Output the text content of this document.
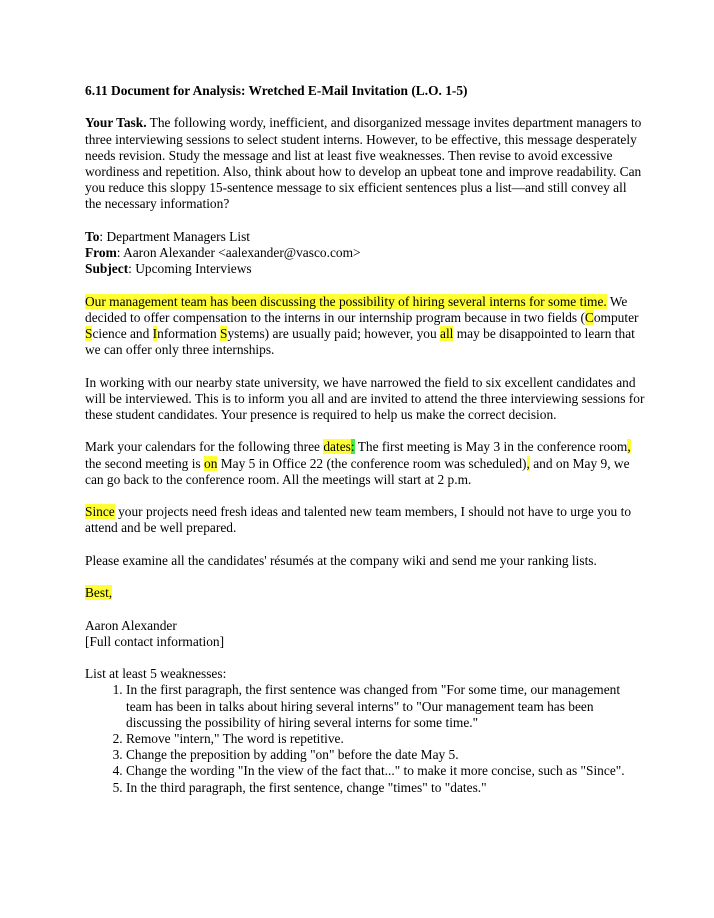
6.11 Document for Analysis: Wretched E-Mail Invitation (L.O. 1-5)

Your Task. The following wordy, inefficient, and disorganized message invites department managers to three interviewing sessions to select student interns. However, to be effective, this message desperately needs revision. Study the message and list at least five weaknesses. Then revise to avoid excessive wordiness and repetition. Also, think about how to develop an upbeat tone and improve readability. Can you reduce this sloppy 15-sentence message to six efficient sentences plus a list—and still convey all the necessary information?

To: Department Managers List

From: Aaron Alexander <aalexander@vasco.com>

Subject: Upcoming Interviews

Our management team has been discussing the possibility of hiring several interns for some time. We decided to offer compensation to the interns in our internship program because in two fields (Computer Science and Information Systems) are usually paid; however, you all may be disappointed to learn that we can offer only three internships.

In working with our nearby state university, we have narrowed the field to six excellent candidates and will be interviewed. This is to inform you all and are invited to attend the three interviewing sessions for these student candidates. Your presence is required to help us make the correct decision.

Mark your calendars for the following three dates: The first meeting is May 3 in the conference room, the second meeting is on May 5 in Office 22 (the conference room was scheduled), and on May 9, we can go back to the conference room. All the meetings will start at 2 p.m.

Since your projects need fresh ideas and talented new team members, I should not have to urge you to attend and be well prepared.

Please examine all the candidates' résumés at the company wiki and send me your ranking lists.

Best,

Aaron Alexander

[Full contact information]

List at least 5 weaknesses:

1. In the first paragraph, the first sentence was changed from "For some time, our management team has been in talks about hiring several interns" to "Our management team has been discussing the possibility of hiring several interns for some time."
2. Remove "intern," The word is repetitive.
3. Change the preposition by adding "on" before the date May 5.
4. Change the wording "In the view of the fact that..." to make it more concise, such as "Since".
5. In the third paragraph, the first sentence, change "times" to "dates."
